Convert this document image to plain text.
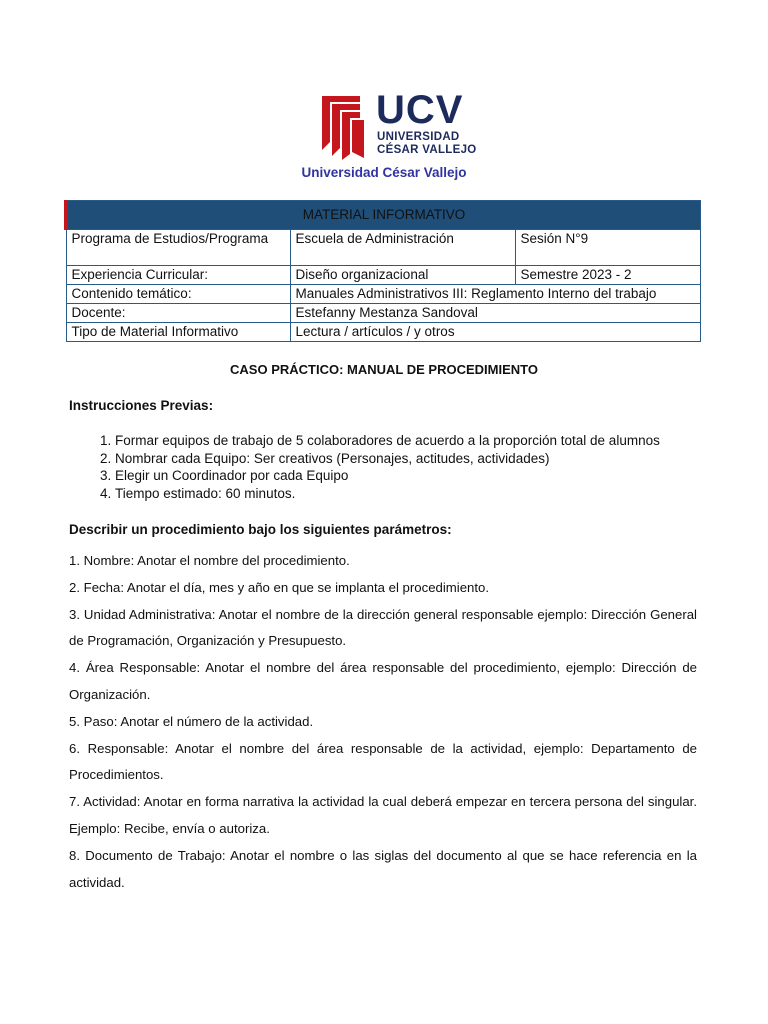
UCV
UNIVERSIDAD
CÉSAR VALLEJO
Universidad César Vallejo
MATERIAL INFORMATIVO		
Programa de Estudios/Programa	Escuela de Administración	Sesión N°9
Experiencia Curricular:	Diseño organizacional	Semestre 2023 - 2
Contenido temático:	Manuales Administrativos III: Reglamento Interno del trabajo	
Docente:	Estefanny Mestanza Sandoval	
Tipo de Material Informativo	Lectura / artículos / y otros	
CASO PRÁCTICO: MANUAL DE PROCEDIMIENTO
Instrucciones Previas:
1. Formar equipos de trabajo de 5 colaboradores de acuerdo a la proporción total de alumnos
2. Nombrar cada Equipo: Ser creativos (Personajes, actitudes, actividades)
3. Elegir un Coordinador por cada Equipo
4. Tiempo estimado: 60 minutos.
Describir un procedimiento bajo los siguientes parámetros:

1. Nombre: Anotar el nombre del procedimiento.

2. Fecha: Anotar el día, mes y año en que se implanta el procedimiento.

3. Unidad Administrativa: Anotar el nombre de la dirección general responsable ejemplo: Dirección General de Programación, Organización y Presupuesto.

4. Área Responsable: Anotar el nombre del área responsable del procedimiento, ejemplo: Dirección de Organización.

5. Paso: Anotar el número de la actividad.

6. Responsable: Anotar el nombre del área responsable de la actividad, ejemplo: Departamento de Procedimientos.

7. Actividad: Anotar en forma narrativa la actividad la cual deberá empezar en tercera persona del singular. Ejemplo: Recibe, envía o autoriza.

8. Documento de Trabajo: Anotar el nombre o las siglas del documento al que se hace referencia en la actividad.
